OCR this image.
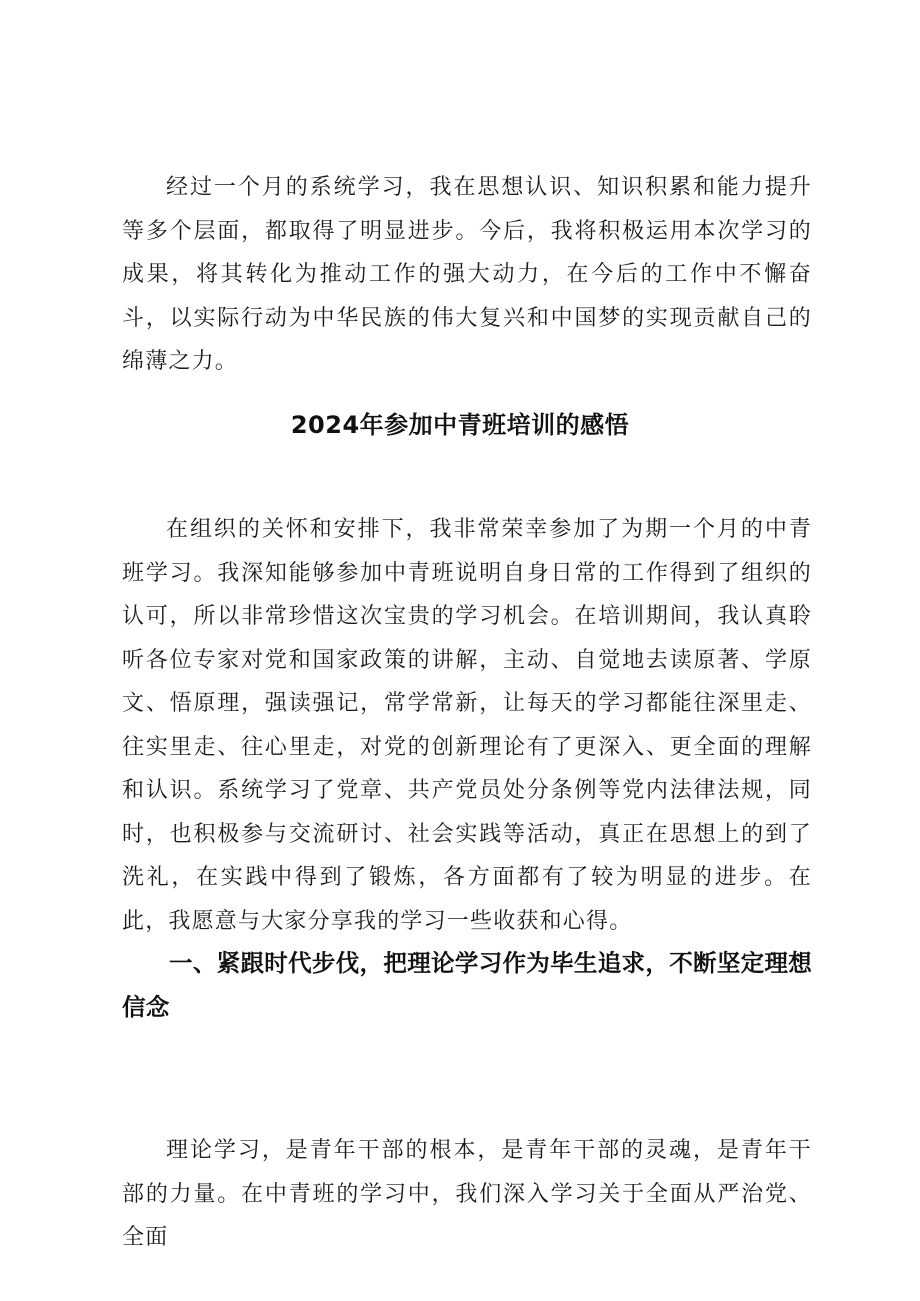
经过一个月的系统学习，我在思想认识、知识积累和能力提升等多个层面，都取得了明显进步。今后，我将积极运用本次学习的成果，将其转化为推动工作的强大动力，在今后的工作中不懈奋斗，以实际行动为中华民族的伟大复兴和中国梦的实现贡献自己的绵薄之力。

2024年参加中青班培训的感悟

在组织的关怀和安排下，我非常荣幸参加了为期一个月的中青班学习。我深知能够参加中青班说明自身日常的工作得到了组织的认可，所以非常珍惜这次宝贵的学习机会。在培训期间，我认真聆听各位专家对党和国家政策的讲解，主动、自觉地去读原著、学原文、悟原理，强读强记，常学常新，让每天的学习都能往深里走、往实里走、往心里走，对党的创新理论有了更深入、更全面的理解和认识。系统学习了党章、共产党员处分条例等党内法律法规，同时，也积极参与交流研讨、社会实践等活动，真正在思想上的到了洗礼，在实践中得到了锻炼，各方面都有了较为明显的进步。在此，我愿意与大家分享我的学习一些收获和心得。

一、紧跟时代步伐，把理论学习作为毕生追求，不断坚定理想信念

理论学习，是青年干部的根本，是青年干部的灵魂，是青年干部的力量。在中青班的学习中，我们深入学习关于全面从严治党、全面
